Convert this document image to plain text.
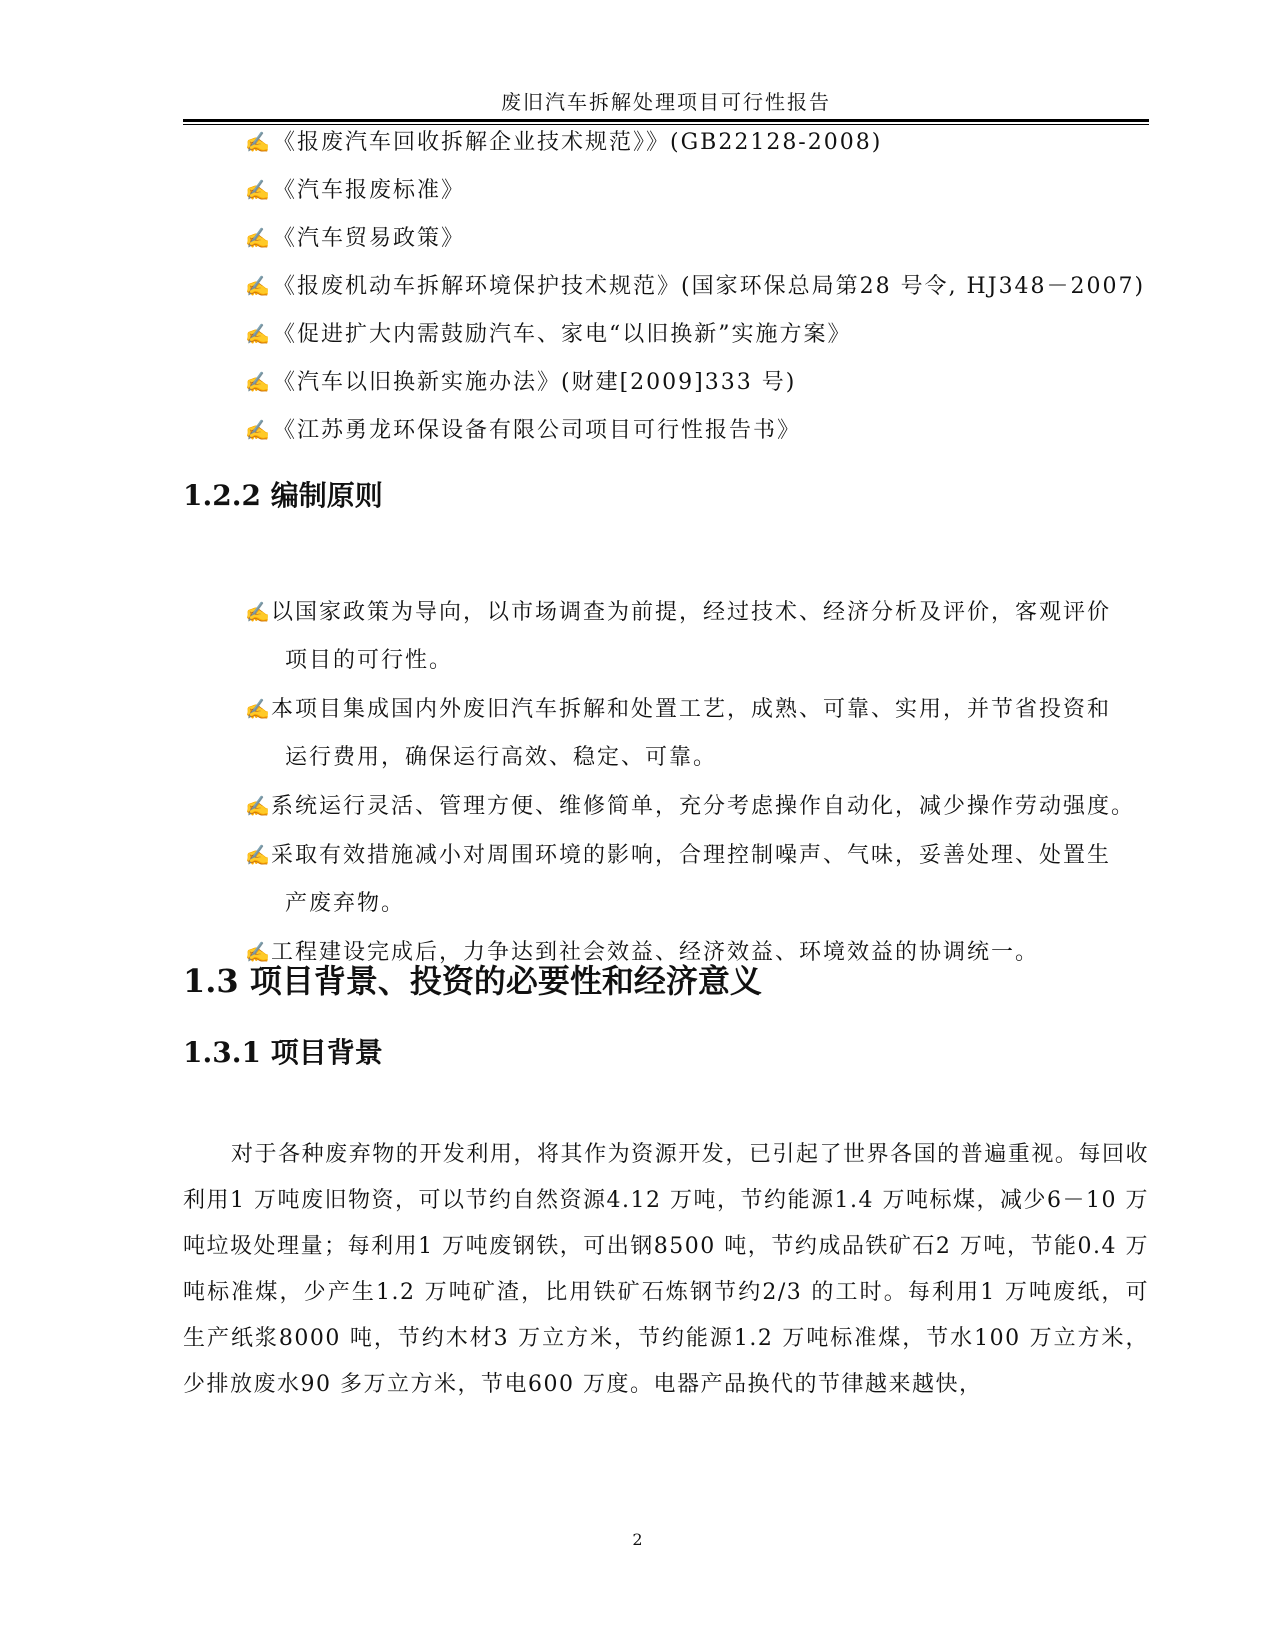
废旧汽车拆解处理项目可行性报告
✍《报废汽车回收拆解企业技术规范》》(GB22128-2008)
✍《汽车报废标准》
✍《汽车贸易政策》
✍《报废机动车拆解环境保护技术规范》(国家环保总局第28 号令, HJ348－2007)
✍《促进扩大内需鼓励汽车、家电“以旧换新”实施方案》
✍《汽车以旧换新实施办法》(财建[2009]333 号)
✍《江苏勇龙环保设备有限公司项目可行性报告书》
1.2.2 编制原则
✍以国家政策为导向，以市场调查为前提，经过技术、经济分析及评价，客观评价
项目的可行性。
✍本项目集成国内外废旧汽车拆解和处置工艺，成熟、可靠、实用，并节省投资和
运行费用，确保运行高效、稳定、可靠。
✍系统运行灵活、管理方便、维修简单，充分考虑操作自动化，减少操作劳动强度。
✍采取有效措施减小对周围环境的影响，合理控制噪声、气味，妥善处理、处置生
产废弃物。
✍工程建设完成后，力争达到社会效益、经济效益、环境效益的协调统一。
1.3 项目背景、投资的必要性和经济意义
1.3.1 项目背景

对于各种废弃物的开发利用，将其作为资源开发，已引起了世界各国的普遍重视。每回收利用1 万吨废旧物资，可以节约自然资源4.12 万吨，节约能源1.4 万吨标煤，减少6－10 万吨垃圾处理量；每利用1 万吨废钢铁，可出钢8500 吨，节约成品铁矿石2 万吨，节能0.4 万吨标准煤，少产生1.2 万吨矿渣，比用铁矿石炼钢节约2/3 的工时。每利用1 万吨废纸，可生产纸浆8000 吨，节约木材3 万立方米，节约能源1.2 万吨标准煤，节水100 万立方米，少排放废水90 多万立方米，节电600 万度。电器产品换代的节律越来越快，

2
